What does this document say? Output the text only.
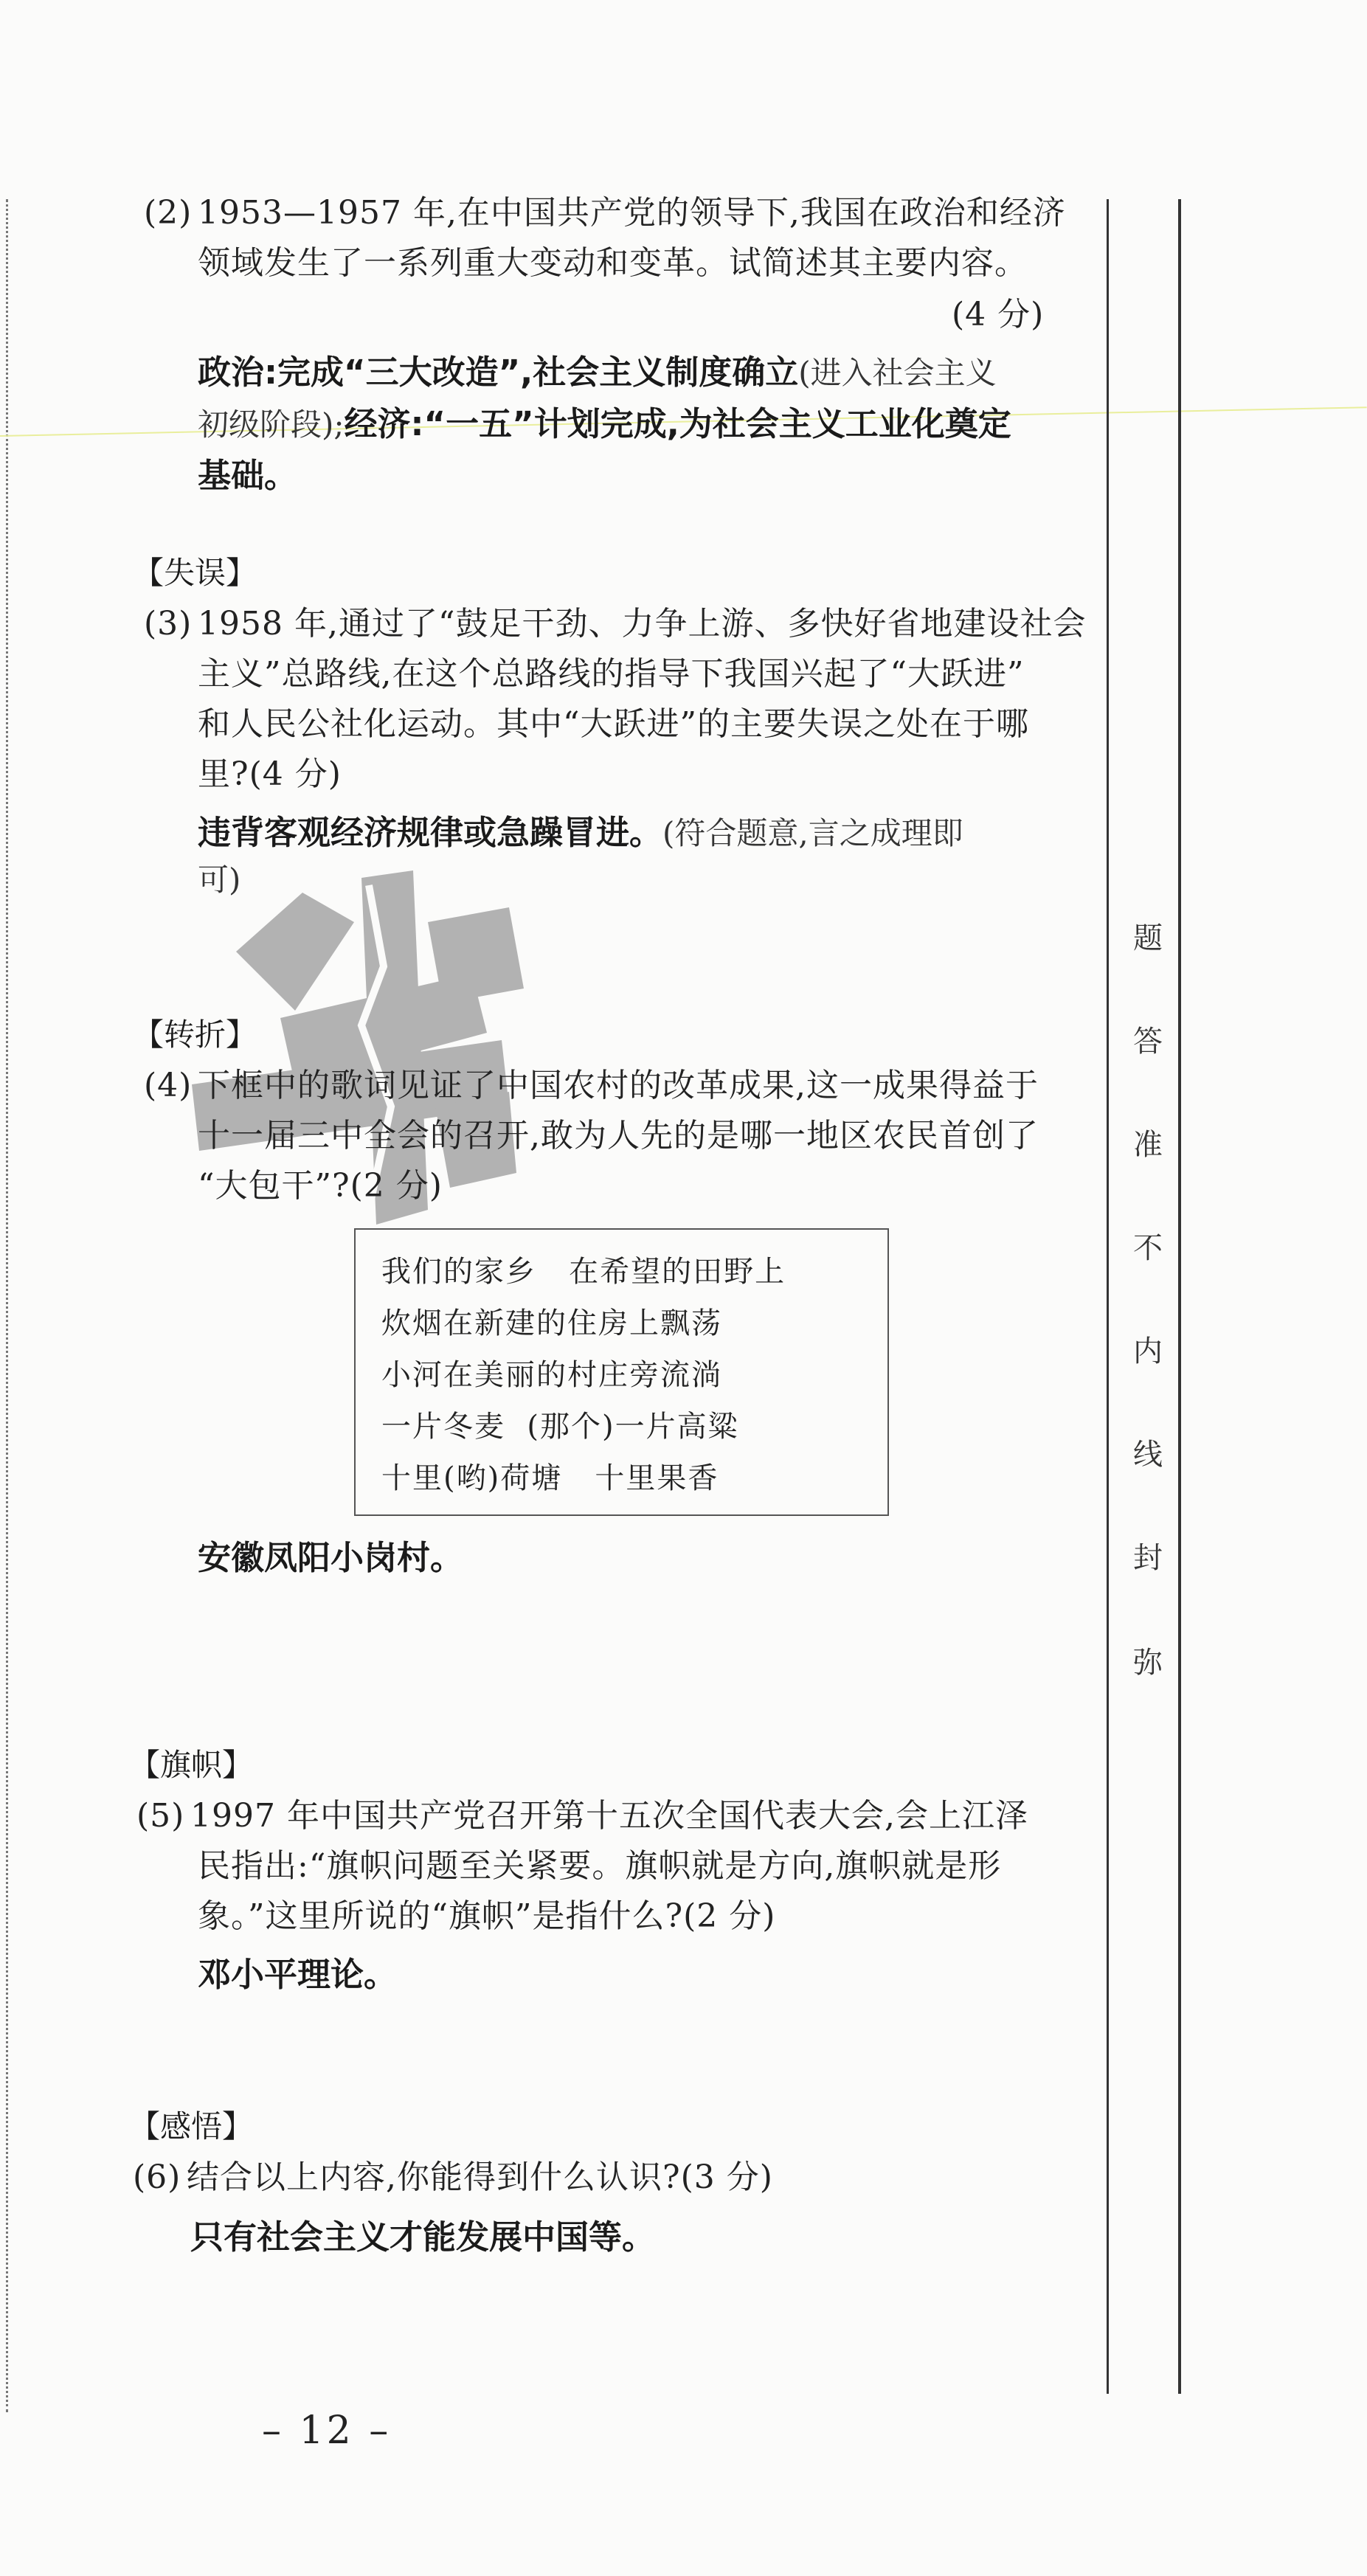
(2) 1953—1957 年,在中国共产党的领导下,我国在政治和经济
领域发生了一系列重大变动和变革。试简述其主要内容。
(4 分)
政治:完成“三大改造”,社会主义制度确立(进入社会主义
初级阶段);经济:“一五”计划完成,为社会主义工业化奠定
基础。
【失误】
(3) 1958 年,通过了“鼓足干劲、力争上游、多快好省地建设社会
主义”总路线,在这个总路线的指导下我国兴起了“大跃进”
和人民公社化运动。其中“大跃进”的主要失误之处在于哪
里?(4 分)
违背客观经济规律或急躁冒进。(符合题意,言之成理即
可)
【转折】
(4) 下框中的歌词见证了中国农村的改革成果,这一成果得益于
十一届三中全会的召开,敢为人先的是哪一地区农民首创了
“大包干”?(2 分)
我们的家乡   在希望的田野上
炊烟在新建的住房上飘荡
小河在美丽的村庄旁流淌
一片冬麦  (那个)一片高粱
十里(哟)荷塘   十里果香
安徽凤阳小岗村。
【旗帜】
(5) 1997 年中国共产党召开第十五次全国代表大会,会上江泽
民指出:“旗帜问题至关紧要。旗帜就是方向,旗帜就是形
象。”这里所说的“旗帜”是指什么?(2 分)
邓小平理论。
【感悟】
(6) 结合以上内容,你能得到什么认识?(3 分)
只有社会主义才能发展中国等。
弥
封
线
内
不
准
答
题
– 12 –
